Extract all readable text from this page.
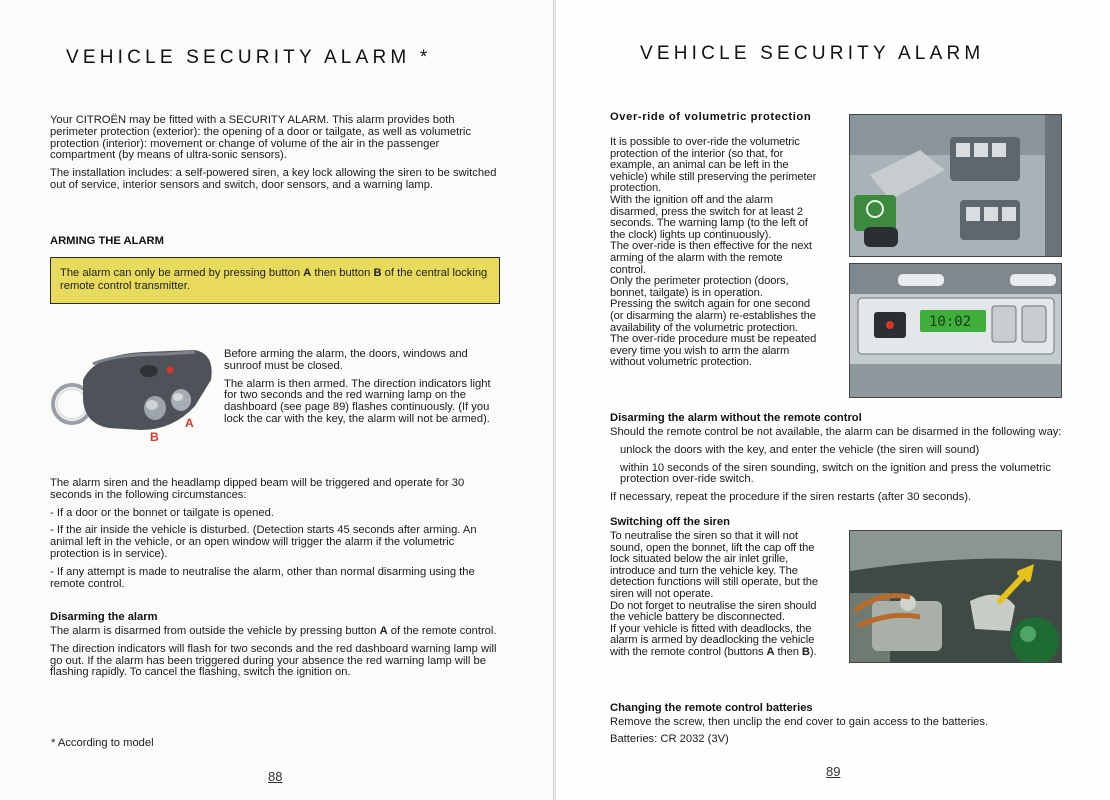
VEHICLE SECURITY ALARM *

Your CITROËN may be fitted with a SECURITY ALARM. This alarm provides both perimeter protection (exterior): the opening of a door or tailgate, as well as volumetric protection (interior): movement or change of volume of the air in the passenger compartment (by means of ultra-sonic sensors).

The installation includes: a self-powered siren, a key lock allowing the siren to be switched out of service, interior sensors and switch, door sensors, and a warning lamp.

ARMING THE ALARM
The alarm can only be armed by pressing button A then button B of the central locking remote control transmitter.
A
B

Before arming the alarm, the doors, windows and sunroof must be closed.

The alarm is then armed. The direction indicators light for two seconds and the red warning lamp on the dashboard (see page 89) flashes continuously. (If you lock the car with the key, the alarm will not be armed).

The alarm siren and the headlamp dipped beam will be triggered and operate for 30 seconds in the following circumstances:

- If a door or the bonnet or tailgate is opened.

- If the air inside the vehicle is disturbed. (Detection starts 45 seconds after arming. An animal left in the vehicle, or an open window will trigger the alarm if the volumetric protection is in service).

- If any attempt is made to neutralise the alarm, other than normal disarming using the remote control.

Disarming the alarm

The alarm is disarmed from outside the vehicle by pressing button A of the remote control.

The direction indicators will flash for two seconds and the red dashboard warning lamp will go out. If the alarm has been triggered during your absence the red warning lamp will be flashing rapidly. To cancel the flashing, switch the ignition on.

* According to model
88
VEHICLE SECURITY ALARM
Over-ride of volumetric protection

It is possible to over-ride the volumetric protection of the interior (so that, for example, an animal can be left in the vehicle) while still preserving the perimeter protection.

With the ignition off and the alarm disarmed, press the switch for at least 2 seconds. The warning lamp (to the left of the clock) lights up continuously).

The over-ride is then effective for the next arming of the alarm with the remote control.

Only the perimeter protection (doors, bonnet, tailgate) is in operation.

Pressing the switch again for one second (or disarming the alarm) re-establishes the availability of the volumetric protection.

The over-ride procedure must be repeated every time you wish to arm the alarm without volumetric protection.

10:02
Disarming the alarm without the remote control

Should the remote control be not available, the alarm can be disarmed in the following way:

unlock the doors with the key, and enter the vehicle (the siren will sound)

within 10 seconds of the siren sounding, switch on the ignition and press the volumetric protection over-ride switch.

If necessary, repeat the procedure if the siren restarts (after 30 seconds).

Switching off the siren

To neutralise the siren so that it will not sound, open the bonnet, lift the cap off the lock situated below the air inlet grille, introduce and turn the vehicle key. The detection functions will still operate, but the siren will not operate.

Do not forget to neutralise the siren should the vehicle battery be disconnected.

If your vehicle is fitted with deadlocks, the alarm is armed by deadlocking the vehicle with the remote control (buttons A then B).

Changing the remote control batteries

Remove the screw, then unclip the end cover to gain access to the batteries.

Batteries: CR 2032 (3V)

89
